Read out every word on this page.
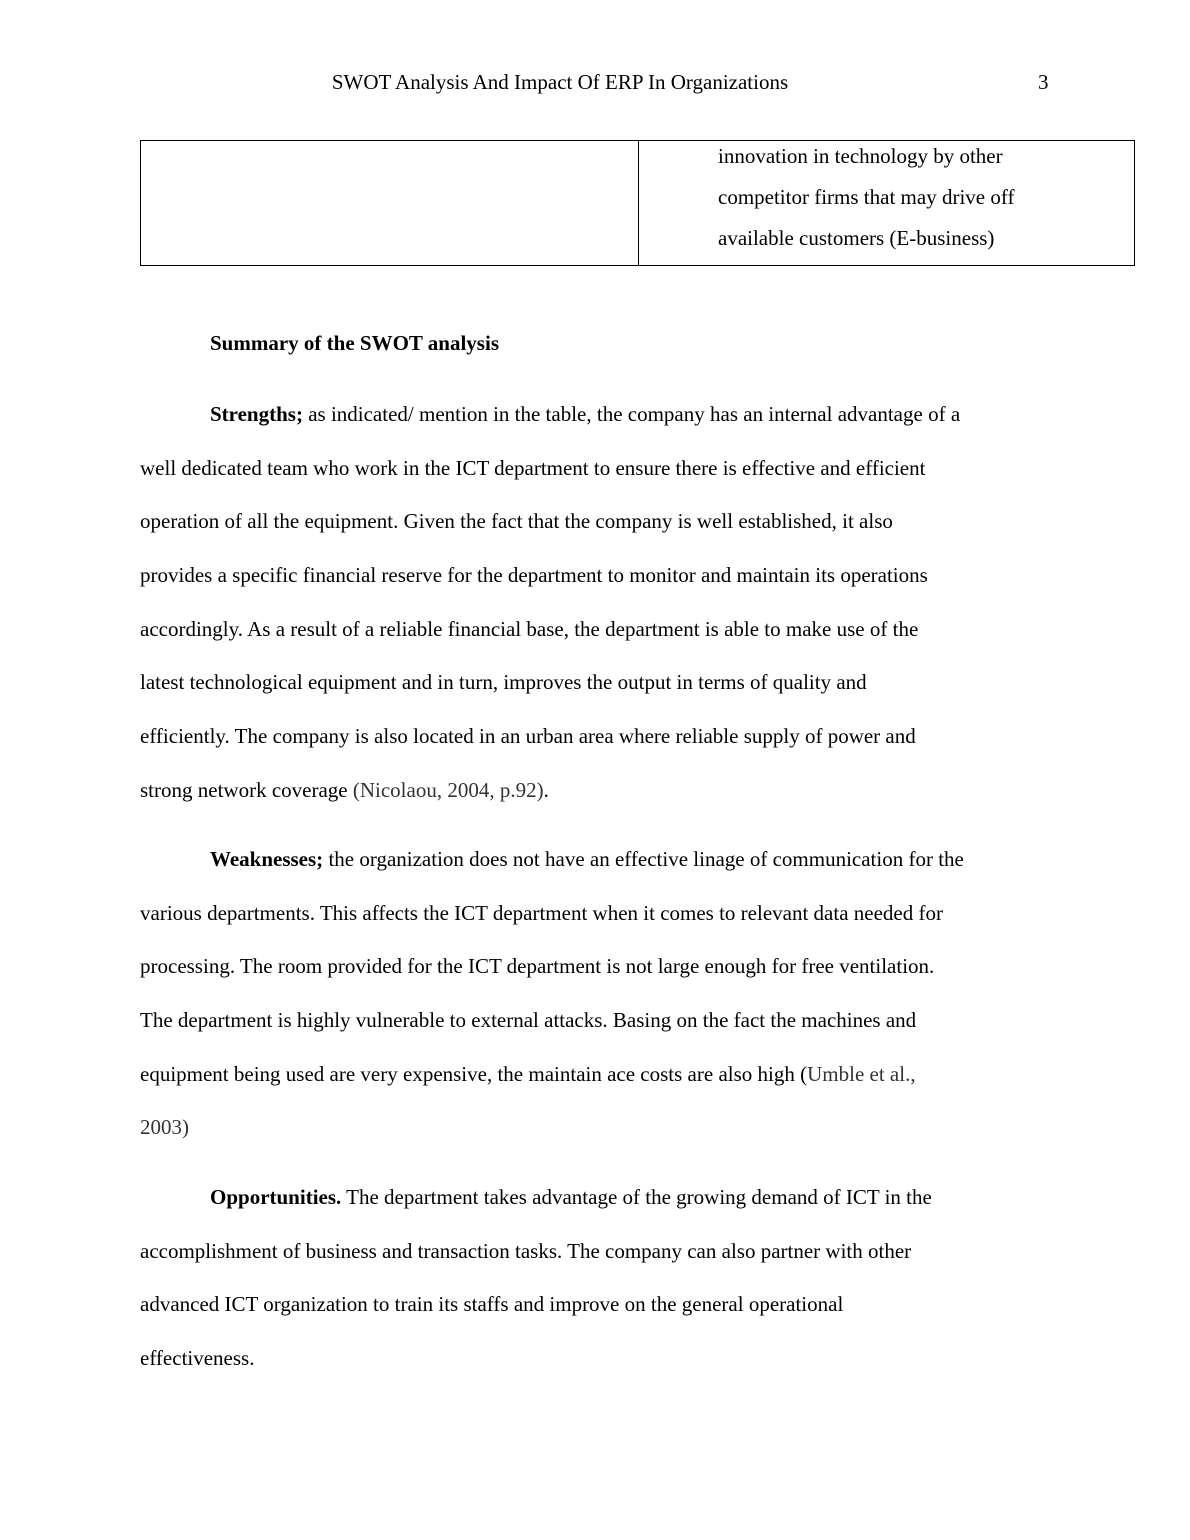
SWOT Analysis And Impact Of ERP In Organizations	3

innovation in technology by other
competitor firms that may drive off
available customers (E-business)
Summary of the SWOT analysis
Strengths; as indicated/ mention in the table, the company has an internal advantage of a
well dedicated team who work in the ICT department to ensure there is effective and efficient
operation of all the equipment. Given the fact that the company is well established, it also
provides a specific financial reserve for the department to monitor and maintain its operations
accordingly. As a result of a reliable financial base, the department is able to make use of the
latest technological equipment and in turn, improves the output in terms of quality and
efficiently. The company is also located in an urban area where reliable supply of power and
strong network coverage (Nicolaou, 2004, p.92).
Weaknesses; the organization does not have an effective linage of communication for the
various departments. This affects the ICT department when it comes to relevant data needed for
processing. The room provided for the ICT department is not large enough for free ventilation.
The department is highly vulnerable to external attacks. Basing on the fact the machines and
equipment being used are very expensive, the maintain ace costs are also high (Umble et al.,
2003)
Opportunities. The department takes advantage of the growing demand of ICT in the
accomplishment of business and transaction tasks. The company can also partner with other
advanced ICT organization to train its staffs and improve on the general operational
effectiveness.
